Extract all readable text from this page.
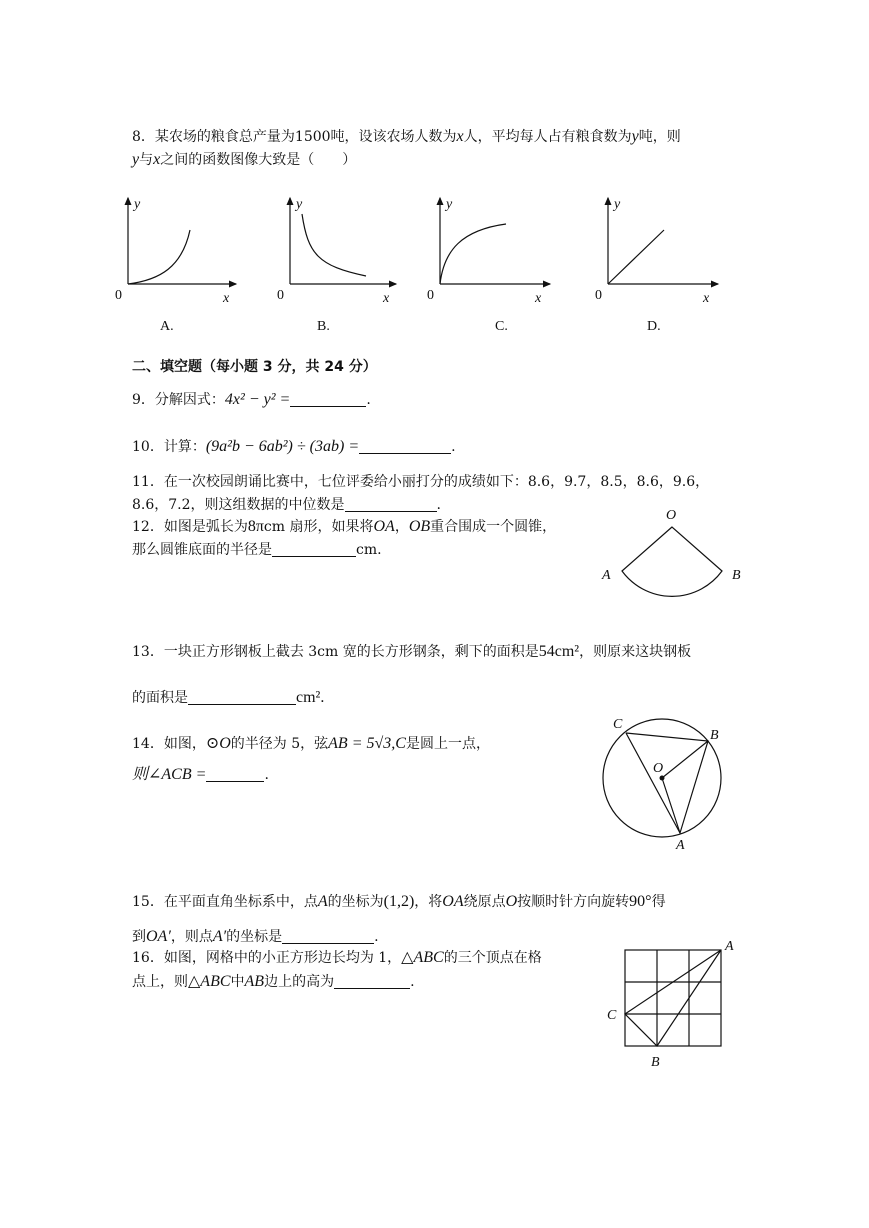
8．某农场的粮食总产量为1500吨，设该农场人数为x人，平均每人占有粮食数为y吨，则
y与x之间的函数图像大致是（　　）
y
x
0
A.
y
x
0
B.
y
x
0
C.
y
x
0
D.
二、填空题（每小题 3 分，共 24 分）
9．分解因式：4x² − y² =	.
10．计算：(9a²b − 6ab²) ÷ (3ab) =	.
11．在一次校园朗诵比赛中，七位评委给小丽打分的成绩如下：8.6，9.7，8.5，8.6，9.6，
8.6，7.2，则这组数据的中位数是	.
12．如图是弧长为8πcm 扇形，如果将OA，OB重合围成一个圆锥，
那么圆锥底面的半径是	cm.
O
A	B
13．一块正方形钢板上截去 3cm 宽的长方形钢条，剩下的面积是54cm²，则原来这块钢板
的面积是	cm².
14．如图，⊙O的半径为 5，弦AB = 5√3,C是圆上一点，
则∠ACB =	.
C
B
O
A
15．在平面直角坐标系中，点A的坐标为(1,2)，将OA绕原点O按顺时针方向旋转90°得
到OA′，则点A′的坐标是	.
16．如图，网格中的小正方形边长均为 1，△ABC的三个顶点在格
点上，则△ABC中AB边上的高为	.
A
C
B
